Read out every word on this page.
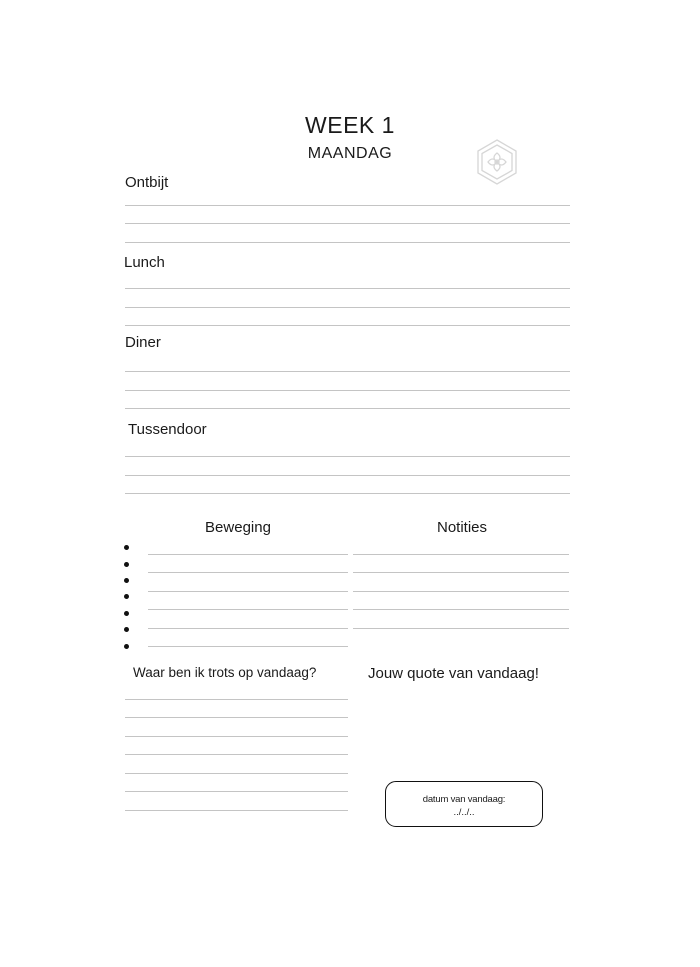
WEEK 1
MAANDAG
Ontbijt
Lunch
Diner
Tussendoor
Beweging	Notities
Waar ben ik trots op vandaag?	Jouw quote van vandaag!
datum van vandaag:
../../..
